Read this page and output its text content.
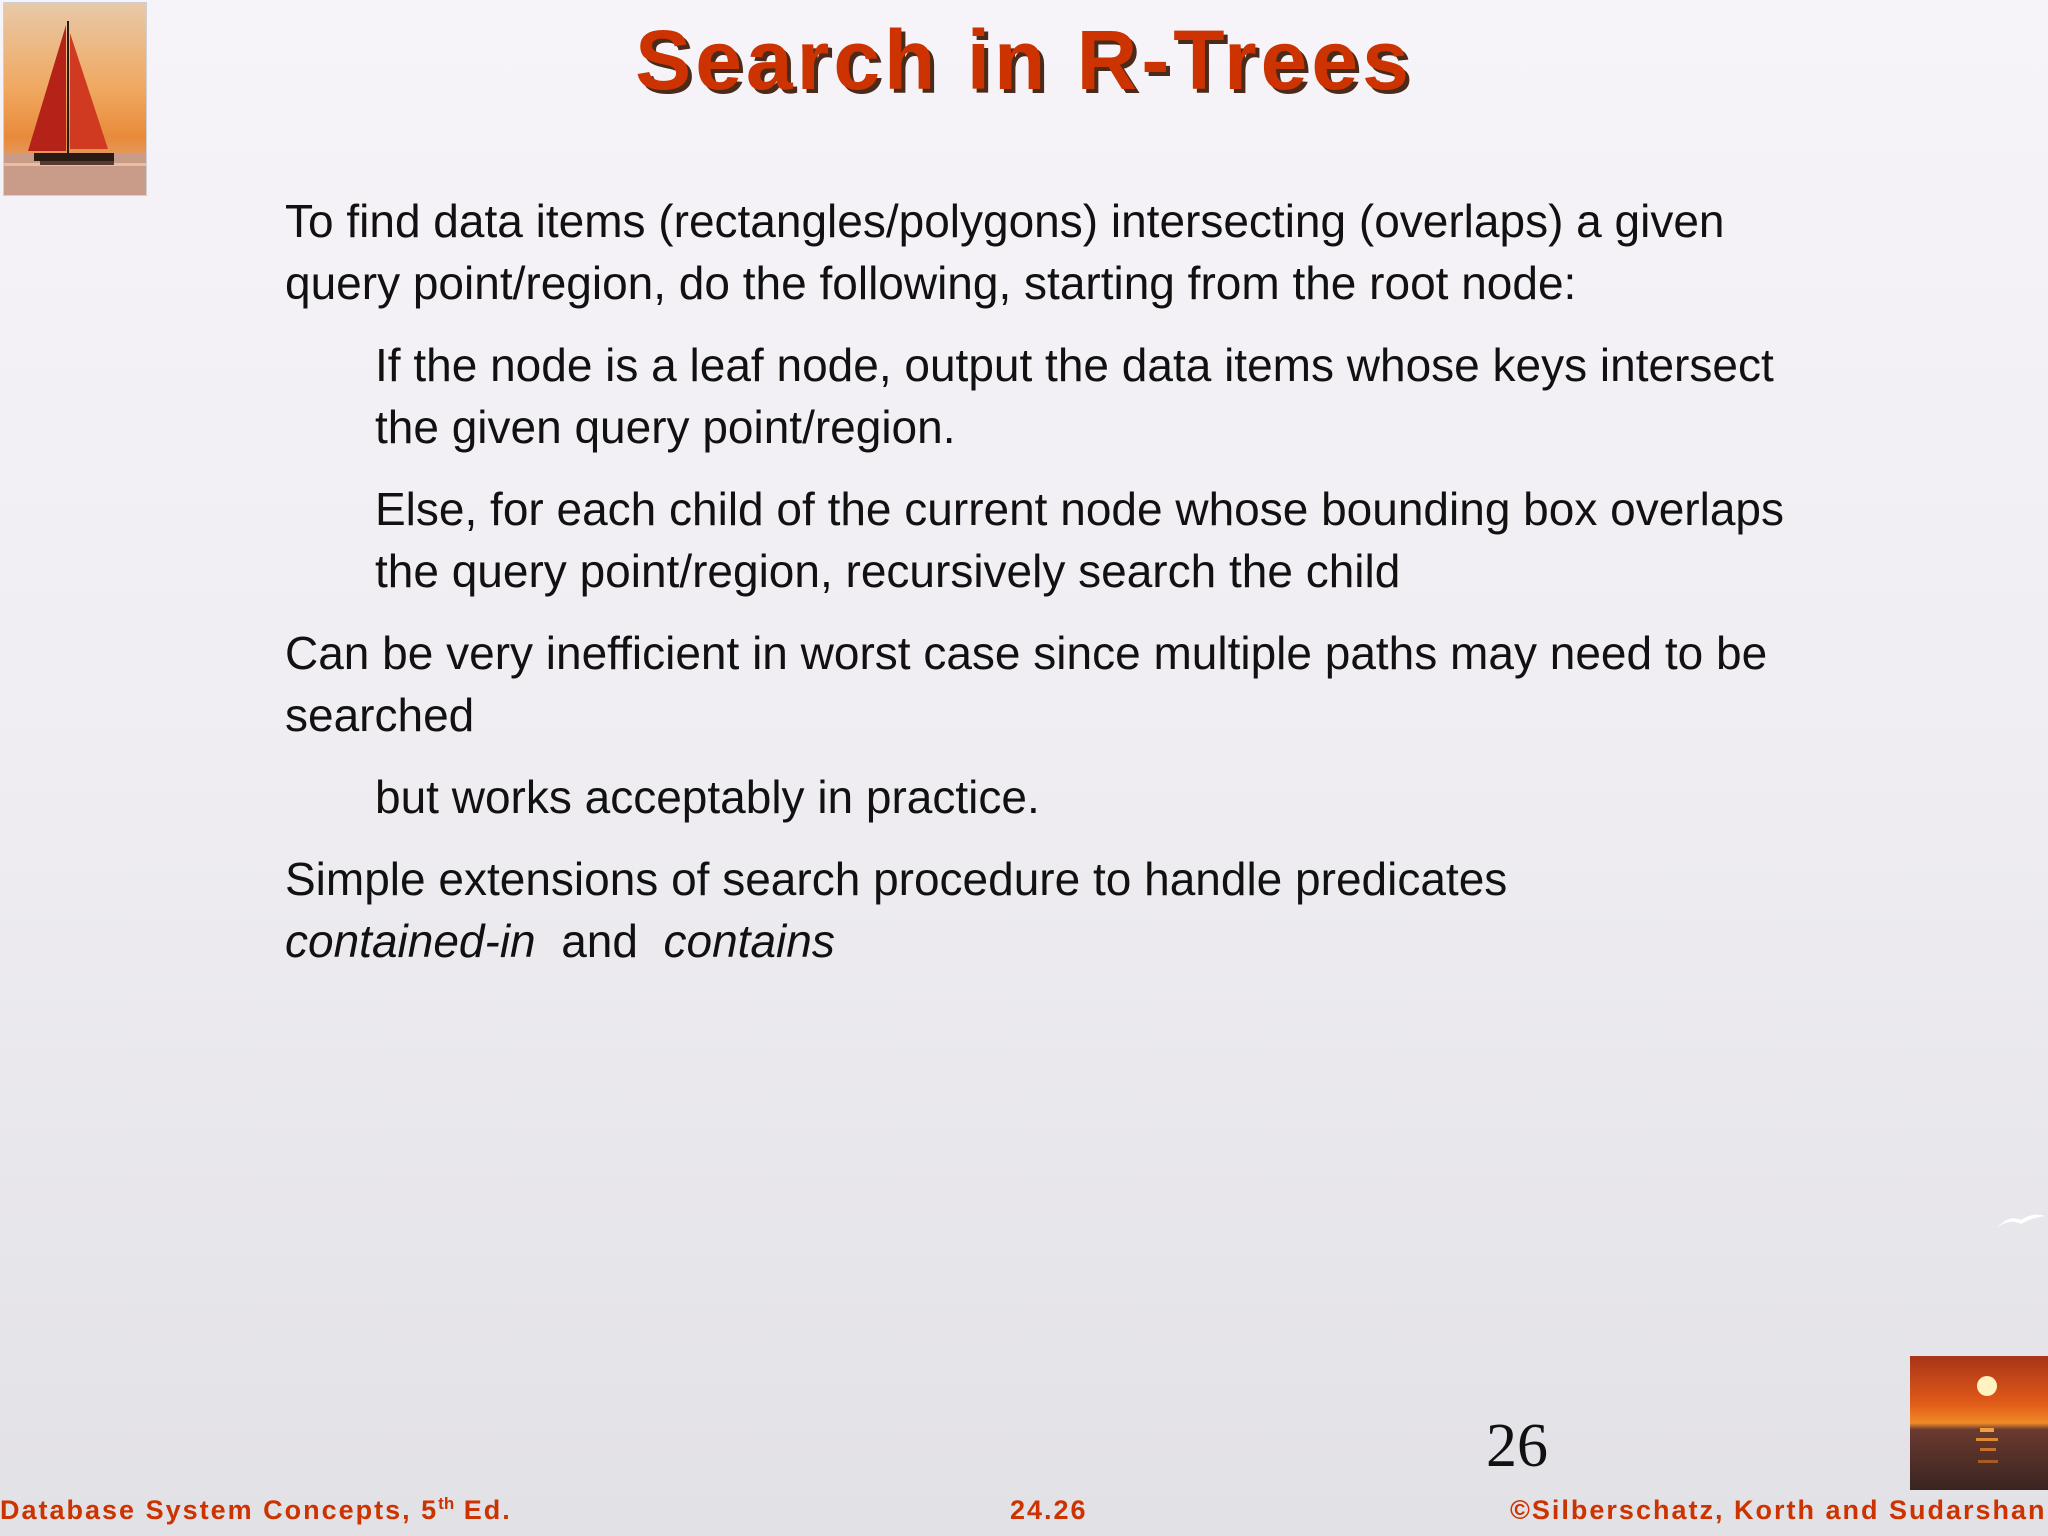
Search in R-Trees

To find data items (rectangles/polygons) intersecting (overlaps) a given query point/region, do the following, starting from the root node:

If the node is a leaf node, output the data items whose keys intersect the given query point/region.

Else, for each child of the current node whose bounding box overlaps the query point/region, recursively search the child

Can be very inefficient in worst case since multiple paths may need to be searched

but works acceptably in practice.

Simple extensions of search procedure to handle predicates
contained-in and contains

26
Database System Concepts, 5th Ed.	24.26	©Silberschatz, Korth and Sudarshan
